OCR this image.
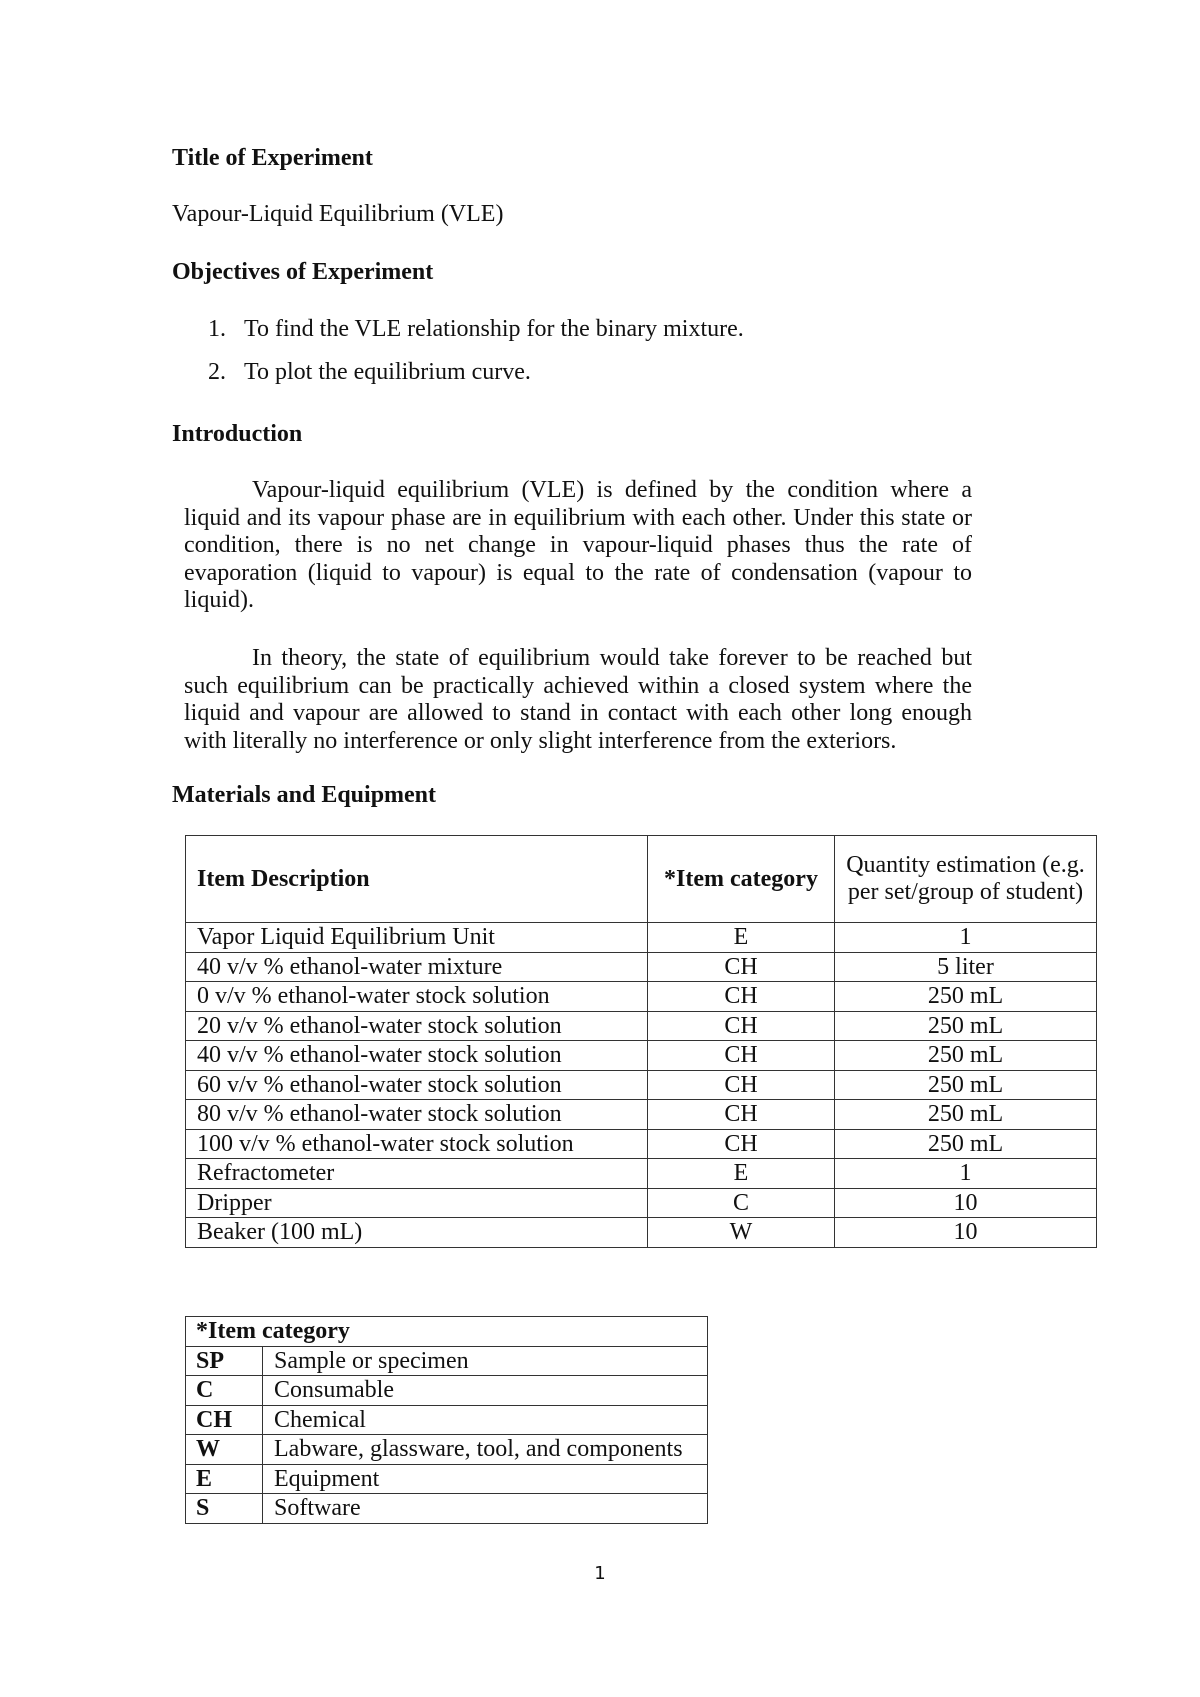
Title of Experiment

Vapour-Liquid Equilibrium (VLE)

Objectives of Experiment
1. To find the VLE relationship for the binary mixture.
2. To plot the equilibrium curve.
Introduction

Vapour-liquid equilibrium (VLE) is defined by the condition where a liquid and its vapour phase are in equilibrium with each other. Under this state or condition, there is no net change in vapour-liquid phases thus the rate of evaporation (liquid to vapour) is equal to the rate of condensation (vapour to liquid).

In theory, the state of equilibrium would take forever to be reached but such equilibrium can be practically achieved within a closed system where the liquid and vapour are allowed to stand in contact with each other long enough with literally no interference or only slight interference from the exteriors.

Materials and Equipment
Item Description	*Item category	Quantity estimation (e.g. per set/group of student)
Vapor Liquid Equilibrium Unit	E	1
40 v/v % ethanol-water mixture	CH	5 liter
0 v/v % ethanol-water stock solution	CH	250 mL
20 v/v % ethanol-water stock solution	CH	250 mL
40 v/v % ethanol-water stock solution	CH	250 mL
60 v/v % ethanol-water stock solution	CH	250 mL
80 v/v % ethanol-water stock solution	CH	250 mL
100 v/v % ethanol-water stock solution	CH	250 mL
Refractometer	E	1
Dripper	C	10
Beaker (100 mL)	W	10
*Item category	
SP	Sample or specimen
C	Consumable
CH	Chemical
W	Labware, glassware, tool, and components
E	Equipment
S	Software
1
